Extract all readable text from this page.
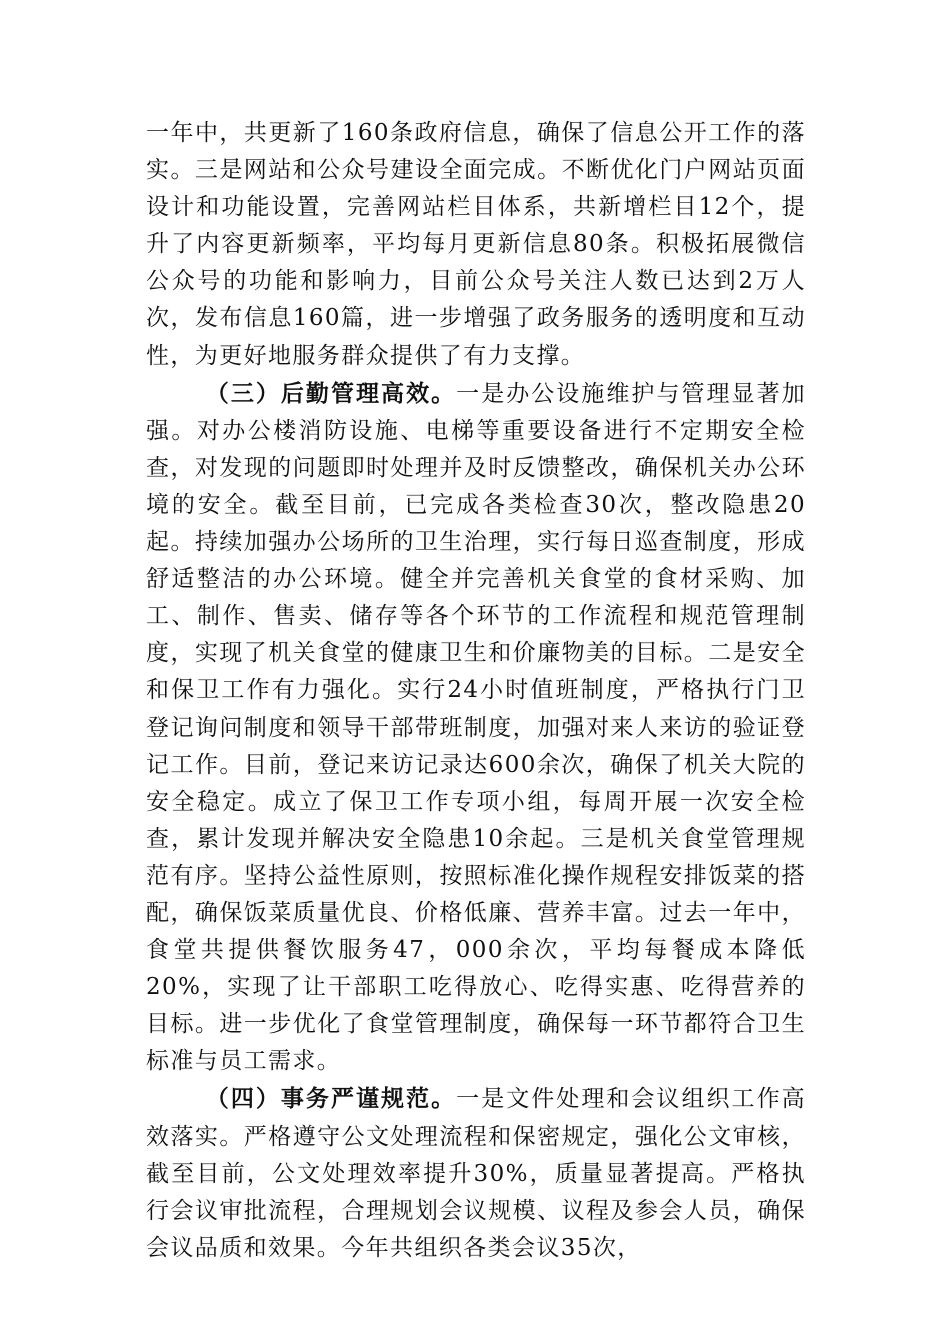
一年中，共更新了160条政府信息，确保了信息公开工作的落实。三是网站和公众号建设全面完成。不断优化门户网站页面设计和功能设置，完善网站栏目体系，共新增栏目12个，提升了内容更新频率，平均每月更新信息80条。积极拓展微信公众号的功能和影响力，目前公众号关注人数已达到2万人次，发布信息160篇，进一步增强了政务服务的透明度和互动性，为更好地服务群众提供了有力支撑。

（三）后勤管理高效。一是办公设施维护与管理显著加强。对办公楼消防设施、电梯等重要设备进行不定期安全检查，对发现的问题即时处理并及时反馈整改，确保机关办公环境的安全。截至目前，已完成各类检查30次，整改隐患20起。持续加强办公场所的卫生治理，实行每日巡查制度，形成舒适整洁的办公环境。健全并完善机关食堂的食材采购、加工、制作、售卖、储存等各个环节的工作流程和规范管理制度，实现了机关食堂的健康卫生和价廉物美的目标。二是安全和保卫工作有力强化。实行24小时值班制度，严格执行门卫登记询问制度和领导干部带班制度，加强对来人来访的验证登记工作。目前，登记来访记录达600余次，确保了机关大院的安全稳定。成立了保卫工作专项小组，每周开展一次安全检查，累计发现并解决安全隐患10余起。三是机关食堂管理规范有序。坚持公益性原则，按照标准化操作规程安排饭菜的搭配，确保饭菜质量优良、价格低廉、营养丰富。过去一年中，食堂共提供餐饮服务47，000余次，平均每餐成本降低20%，实现了让干部职工吃得放心、吃得实惠、吃得营养的目标。进一步优化了食堂管理制度，确保每一环节都符合卫生标准与员工需求。

（四）事务严谨规范。一是文件处理和会议组织工作高效落实。严格遵守公文处理流程和保密规定，强化公文审核，截至目前，公文处理效率提升30%，质量显著提高。严格执行会议审批流程，合理规划会议规模、议程及参会人员，确保会议品质和效果。今年共组织各类会议35次，
